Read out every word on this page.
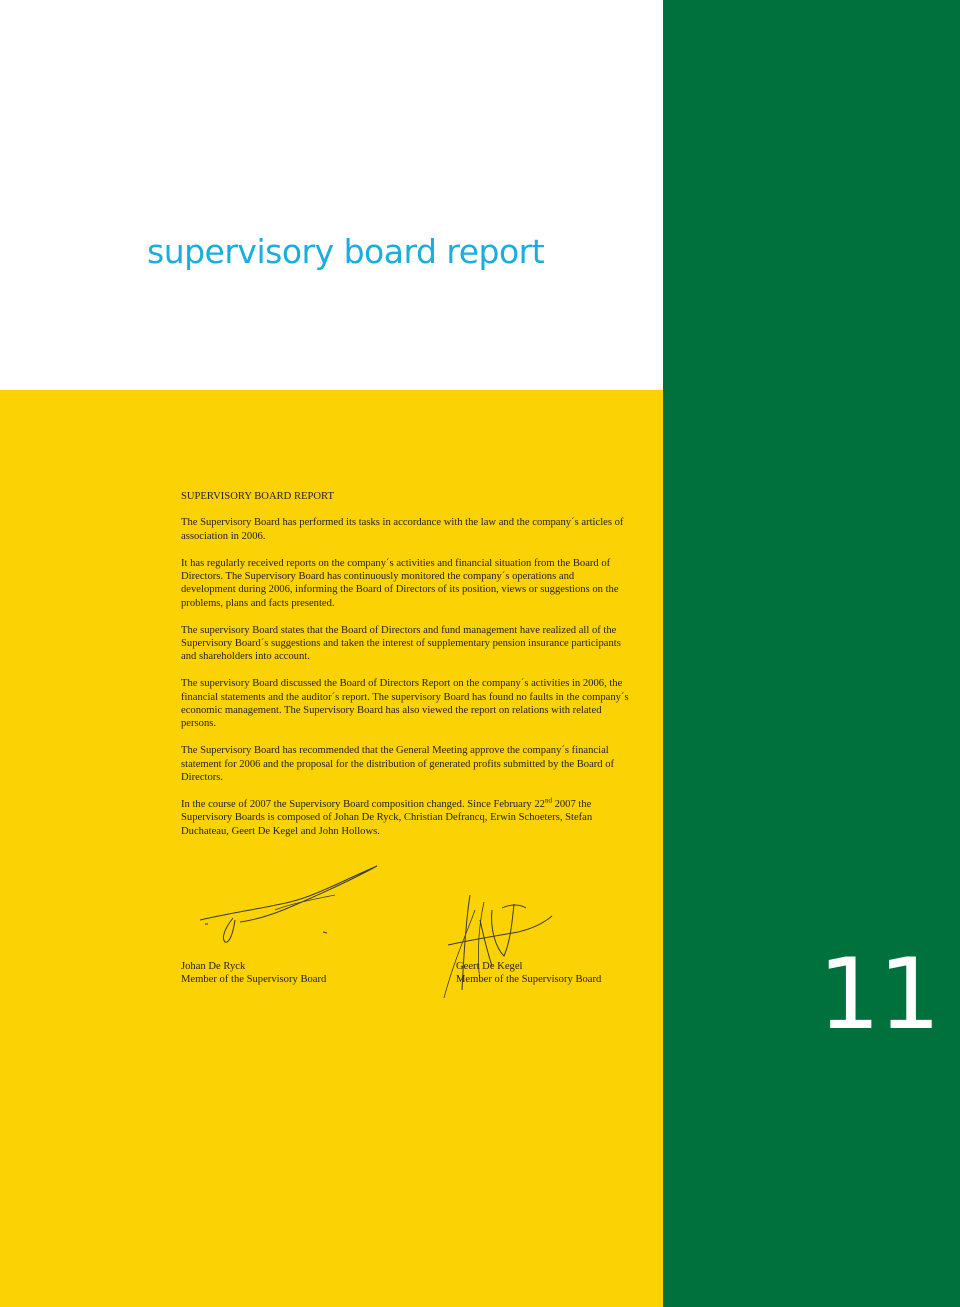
supervisory board report

SUPERVISORY BOARD REPORT

The Supervisory Board has performed its tasks in accordance with the law and the company´s articles of association in 2006.

It has regularly received reports on the company´s activities and financial situation from the Board of Directors. The Supervisory Board has continuously monitored the company´s operations and development during 2006, informing the Board of Directors of its position, views or suggestions on the problems, plans and facts presented.

The supervisory Board states that the Board of Directors and fund management have realized all of the Supervisory Board´s suggestions and taken the interest of supplementary pension insurance participants and shareholders into account.

The supervisory Board discussed the Board of Directors Report on the company´s activities in 2006, the financial statements and the auditor´s report. The supervisory Board has found no faults in the company´s economic management. The Supervisory Board has also viewed the report on relations with related persons.

The Supervisory Board has recommended that the General Meeting approve the company´s financial statement for 2006 and the proposal for the distribution of generated profits submitted by the Board of Directors.

In the course of 2007 the Supervisory Board composition changed. Since February 22nd 2007 the Supervisory Boards is composed of Johan De Ryck, Christian Defrancq, Erwin Schoeters, Stefan Duchateau, Geert De Kegel and John Hollows.

Johan De Ryck
Member of the Supervisory Board
Geert De Kegel
Member of the Supervisory Board 11
